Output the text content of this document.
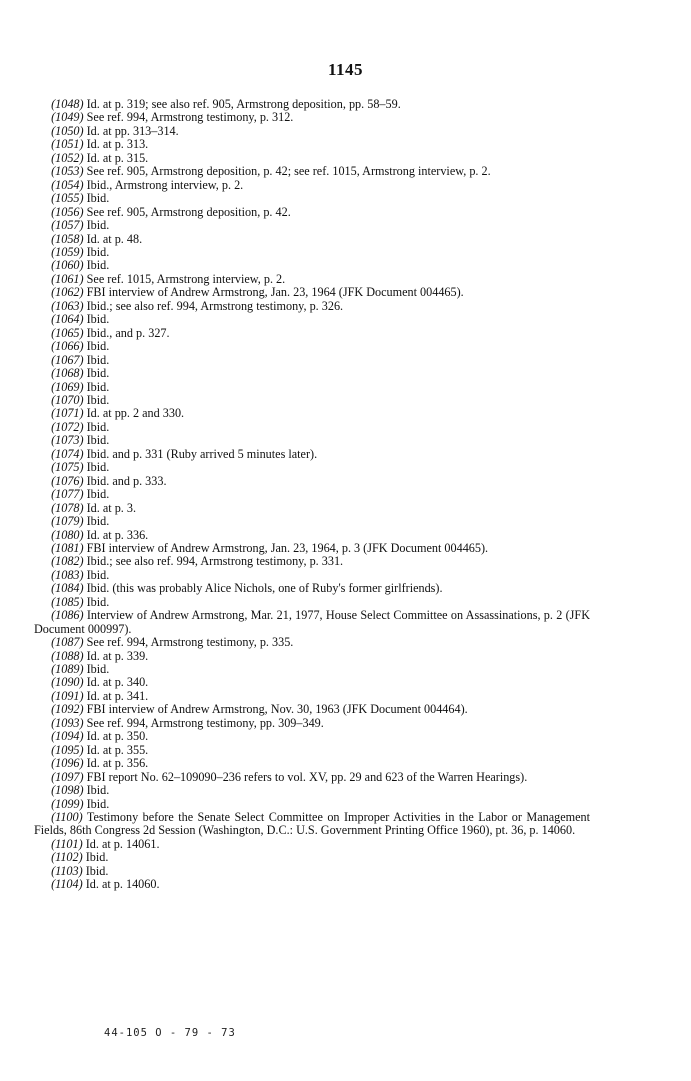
1145
(1048) Id. at p. 319; see also ref. 905, Armstrong deposition, pp. 58–59.
(1049) See ref. 994, Armstrong testimony, p. 312.
(1050) Id. at pp. 313–314.
(1051) Id. at p. 313.
(1052) Id. at p. 315.
(1053) See ref. 905, Armstrong deposition, p. 42; see ref. 1015, Armstrong interview, p. 2.
(1054) Ibid., Armstrong interview, p. 2.
(1055) Ibid.
(1056) See ref. 905, Armstrong deposition, p. 42.
(1057) Ibid.
(1058) Id. at p. 48.
(1059) Ibid.
(1060) Ibid.
(1061) See ref. 1015, Armstrong interview, p. 2.
(1062) FBI interview of Andrew Armstrong, Jan. 23, 1964 (JFK Document 004465).
(1063) Ibid.; see also ref. 994, Armstrong testimony, p. 326.
(1064) Ibid.
(1065) Ibid., and p. 327.
(1066) Ibid.
(1067) Ibid.
(1068) Ibid.
(1069) Ibid.
(1070) Ibid.
(1071) Id. at pp. 2 and 330.
(1072) Ibid.
(1073) Ibid.
(1074) Ibid. and p. 331 (Ruby arrived 5 minutes later).
(1075) Ibid.
(1076) Ibid. and p. 333.
(1077) Ibid.
(1078) Id. at p. 3.
(1079) Ibid.
(1080) Id. at p. 336.
(1081) FBI interview of Andrew Armstrong, Jan. 23, 1964, p. 3 (JFK Document 004465).
(1082) Ibid.; see also ref. 994, Armstrong testimony, p. 331.
(1083) Ibid.
(1084) Ibid. (this was probably Alice Nichols, one of Ruby's former girlfriends).
(1085) Ibid.
(1086) Interview of Andrew Armstrong, Mar. 21, 1977, House Select Committee on Assassinations, p. 2 (JFK Document 000997).
(1087) See ref. 994, Armstrong testimony, p. 335.
(1088) Id. at p. 339.
(1089) Ibid.
(1090) Id. at p. 340.
(1091) Id. at p. 341.
(1092) FBI interview of Andrew Armstrong, Nov. 30, 1963 (JFK Document 004464).
(1093) See ref. 994, Armstrong testimony, pp. 309–349.
(1094) Id. at p. 350.
(1095) Id. at p. 355.
(1096) Id. at p. 356.
(1097) FBI report No. 62–109090–236 refers to vol. XV, pp. 29 and 623 of the Warren Hearings).
(1098) Ibid.
(1099) Ibid.
(1100) Testimony before the Senate Select Committee on Improper Activities in the Labor or Management Fields, 86th Congress 2d Session (Washington, D.C.: U.S. Government Printing Office 1960), pt. 36, p. 14060.
(1101) Id. at p. 14061.
(1102) Ibid.
(1103) Ibid.
(1104) Id. at p. 14060.
44-105 O - 79 - 73
